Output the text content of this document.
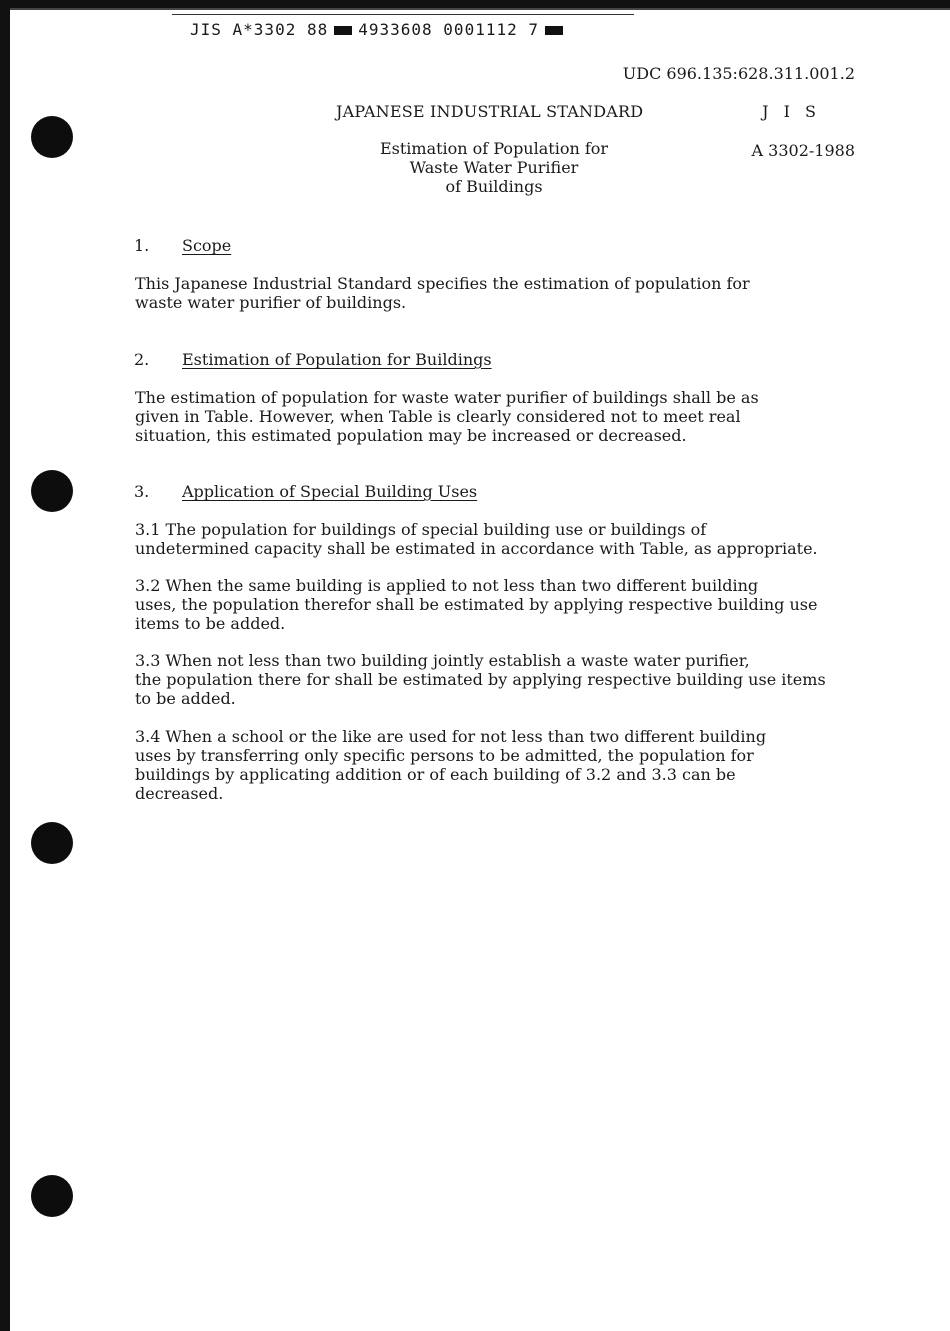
JIS A*3302 88 4933608 0001112 7
UDC 696.135:628.311.001.2
JAPANESE INDUSTRIAL STANDARD	J I S
A 3302-1988
Estimation of Population for
Waste Water Purifier
of Buildings
1. Scope
This Japanese Industrial Standard specifies the estimation of population for
waste water purifier of buildings.
2. Estimation of Population for Buildings
The estimation of population for waste water purifier of buildings shall be as
given in Table. However, when Table is clearly considered not to meet real
situation, this estimated population may be increased or decreased.
3. Application of Special Building Uses
3.1 The population for buildings of special building use or buildings of
undetermined capacity shall be estimated in accordance with Table, as appropriate.
3.2 When the same building is applied to not less than two different building
uses, the population therefor shall be estimated by applying respective building use
items to be added.
3.3 When not less than two building jointly establish a waste water purifier,
the population there for shall be estimated by applying respective building use items
to be added.
3.4 When a school or the like are used for not less than two different building
uses by transferring only specific persons to be admitted, the population for
buildings by applicating addition or of each building of 3.2 and 3.3 can be
decreased.
